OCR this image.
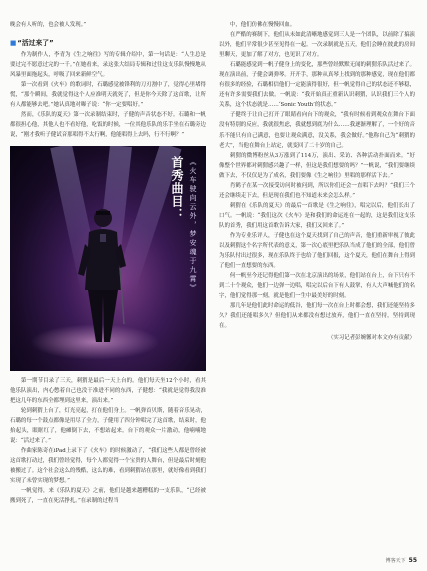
晚会有人听的，也会被人发现。”

■“活过来了”

作为制作人，李青为《生之响往》写的专辑介绍中，第一句话是：“人生总是要过完不愿意过完的一千。”在她看来，录这张大结局专辑和过往这支乐队慢慢地从风暴里面拖起头，呼吸了回来新鲜空气。

第一次看到《火车》的歌词时，石璐感觉被锋利的刀刃割中了，觉得心里堵得慌，“那个瞬间，我就觉得这个人应准明天就死了，但是你今天除了这首歌，让所有人都能够去吧。”她认真地对曝子说：“你一定要唱好。”

然而，《乐队的夏天》第一次录制结束时，子健的声音状态不好。石璐和一帆都很担心他，其他人也不看好他，吃饭的时候，一位其他乐队的乐手坐在石璐旁边说，“刚才我听子健试音那唱得不太行啊，他能唱得上去吗，行不行啊？”

首秀曲目： 《火车驶向云外，梦安魂于九霄》

第一期节目录了三天，刺猬是最后一天上台的。他们每天坐12个小时，看其他乐队演出，内心憋着自己也没干准进不同的东西，子健想：“我就是觉得我没准把这几年的东西全都埋到这里来，演出来。”

轮到刺猬上台了，灯光亮起，打在他们身上。一帆弹首贝斯，随着音乐晃动，石璐的每一个鼓点都像是用尽了全力，子健用了四分钟唱完了这首歌，结束时，他抬起头，眼眶红了，他瘫倒下去，不想站起来。台下的观众一片激动，他喃喃地说：“活过来了。”

作曲家陈奇在iPad上录下了《火车》的时候激动了，“我们这些人都是曾经被这首歌打动过，我们曾经觉得，每个人都觉得一个宝贵的人舞台，但是最后时刻他被搬过了。这个社会这么的残酷，这么的难，看到刺猬站在那里，就好像看到我们实现了未曾实现的梦想。”

一帆觉得，来《乐队的夏天》之前，他们是越来越糟糕的一支乐队，“已经被搬到死了，一直在死活挣扎。”在录制的过程当

中，他们仿佛在慢慢回血。

在严酷的赛制下，他们从未如此清晰地感觉到三人是一个团队，以前除了搞演以外，他们平常很少甚至见得在一起。一次录制就是五天，他们会睡在彼此的房间里聊天，更加了解了对方，也见识了对方。

石璐能感觉到一帆子健身上的变化，那些曾经默默无闻的刺猬乐队活过来了。现在演出前，子健会调弹琴。开开手，那种从真琴上找到的那种感觉，现在他们都有很多的经验，石璐相信他们一定能演得很好，但一帆觉得自己的状态还不够稳，还有许多需要我们去做。一帆说：“我开始真正重新认识刺猬，认识我们三个人的关系，这个状态就是……‘Sonic Youth’的状态。”

子健终于让自己打开了眼睛看向台下的观众，“我有时候看到观众在舞台下面没有特别的反应，我就很焦虑，我就想到底为什么……我逐渐理解了，一个好的音乐不能只有自己满意，也要让观众满意，没关系，我会做好。”他称自己为“刺猬的老大”，当他在舞台上站定，就变回了二十岁的自己。

刺猬的微博粉丝从3万涨到了114万，演出、采访、各种活动扑面而来。“好像整个世界都对刺猬感兴趣了一样，但这是我们想要的吗？”一帆说，“我们要继续做下去，不仅仅是为了成名，我们要像《生之响往》里唱的那样活下去。”

肖鹤子在某一次接受访问时被问到，所以你们还会一直唱下去吗？“我们三个还会继续走下去，但是现在我们也不知道未来会怎么样。”

刺猬在《乐队的夏天》的最后一首歌是《生之响往》，唱完以后，他们长出了口气。一帆说：“我们这次《火车》是和我们的命运连在一起的，这是我们这支乐队的首秀，我们用这首歌告诉大家，我们又回来了。”

作为专业乐评人，子健也在这个夏天找到了自己的声音，他们重新审视了彼此以及刺猬这个名字所代表的意义，第一次心底里把乐队当成了他们的全部，他们曾为乐队付出过很多，现在乐队终于也给了他们回报，这个夏天，他们在舞台上得到了他们一直想要的东西。

何一帆至今还记得他们第一次在北京演出的场景，他们站在台上，台下只有不到二十个观众，他们一边弹一边唱，唱完以后台下有人鼓掌，有人大声喊他们的名字，他们觉得那一刻，就是他们一生中最美好的时刻。

那几年是他们此时命运的低谷，他们每一次在台上时都会想，我们还能坚持多久？我们还能唱多久？但他们从来都没有想过放弃，他们一直在坚持，坚持到现在。

（实习记者彭婉馨对本文亦有贡献）

博客天下 55
